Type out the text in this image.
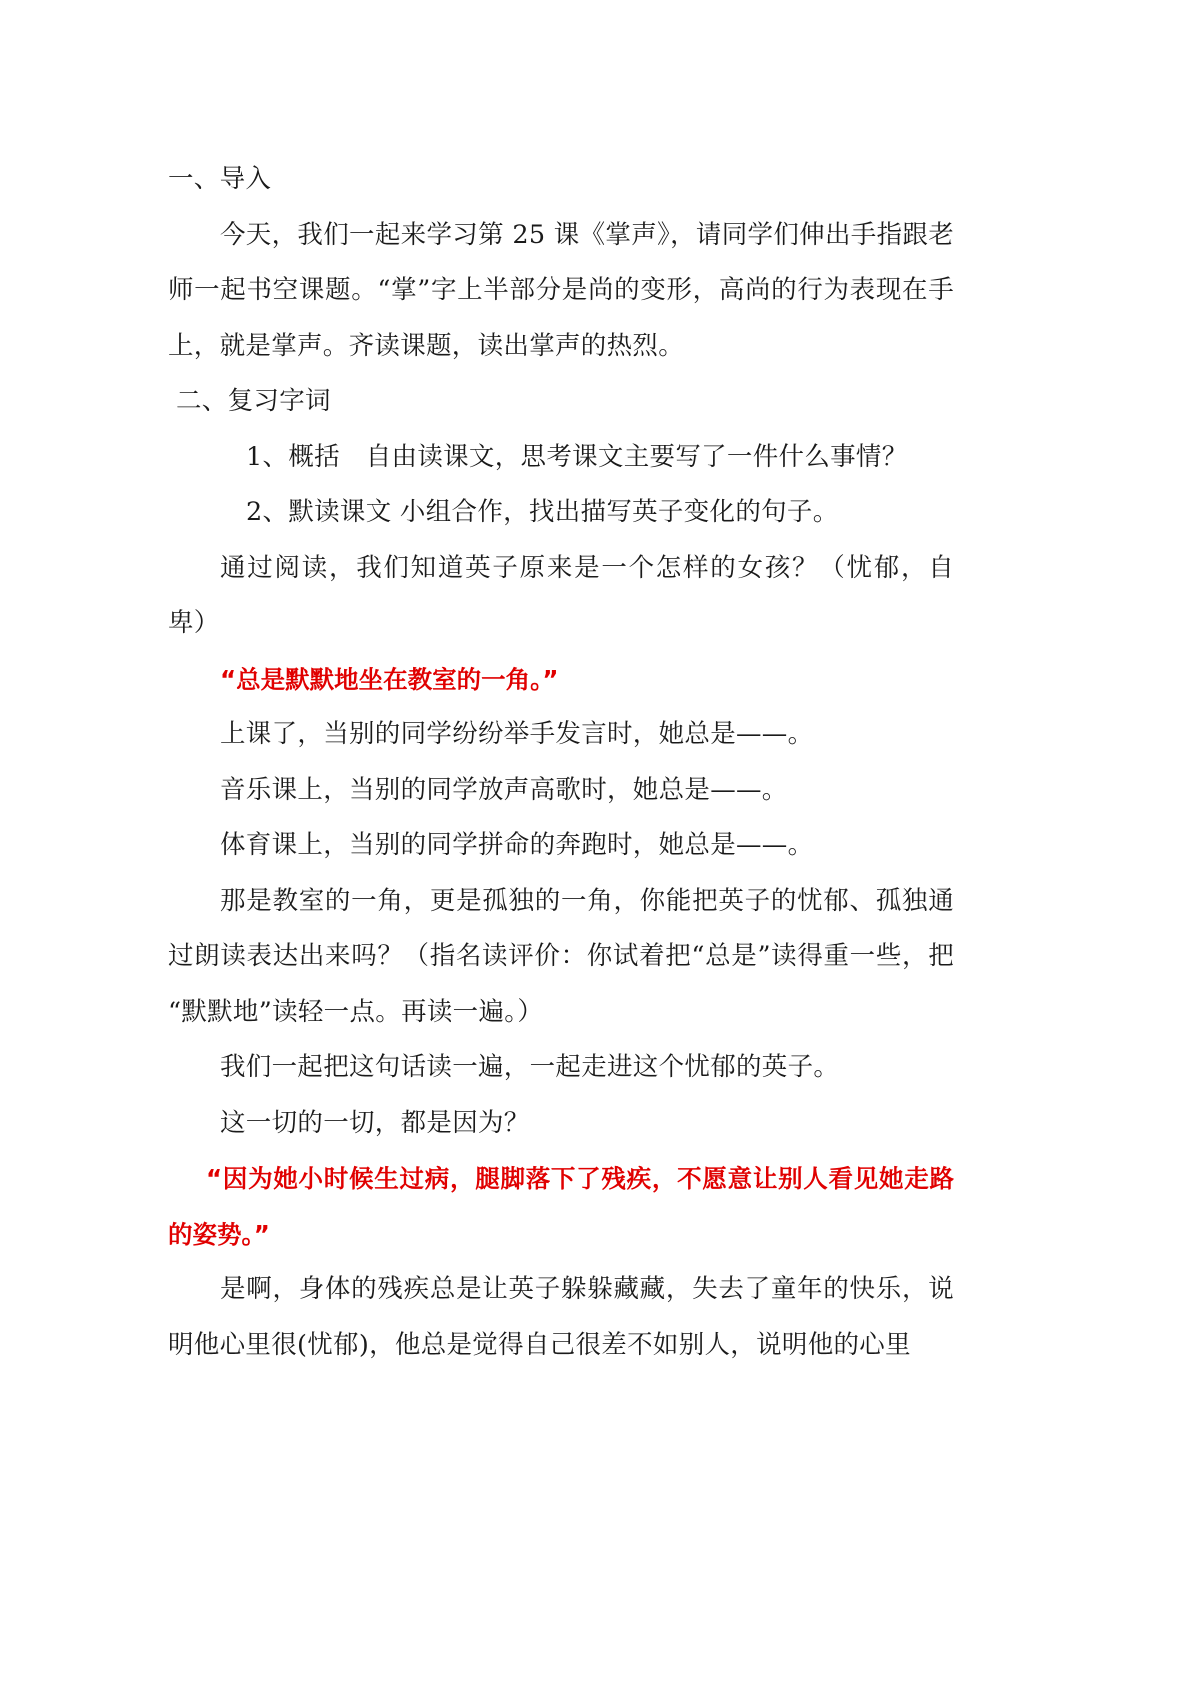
一、导入

今天，我们一起来学习第 25 课《掌声》，请同学们伸出手指跟老师一起书空课题。“掌”字上半部分是尚的变形，高尚的行为表现在手上，就是掌声。齐读课题，读出掌声的热烈。

二、复习字词

1、概括　自由读课文，思考课文主要写了一件什么事情？

2、默读课文 小组合作，找出描写英子变化的句子。

通过阅读，我们知道英子原来是一个怎样的女孩？（忧郁，自卑）

“总是默默地坐在教室的一角。”

上课了，当别的同学纷纷举手发言时，她总是——。

音乐课上，当别的同学放声高歌时，她总是——。

体育课上，当别的同学拼命的奔跑时，她总是——。

那是教室的一角，更是孤独的一角，你能把英子的忧郁、孤独通过朗读表达出来吗？（指名读评价：你试着把“总是”读得重一些，把“默默地”读轻一点。再读一遍。）

我们一起把这句话读一遍，一起走进这个忧郁的英子。

这一切的一切，都是因为？

“因为她小时候生过病，腿脚落下了残疾，不愿意让别人看见她走路的姿势。”

是啊，身体的残疾总是让英子躲躲藏藏，失去了童年的快乐，说明他心里很(忧郁)，他总是觉得自己很差不如别人，说明他的心里
